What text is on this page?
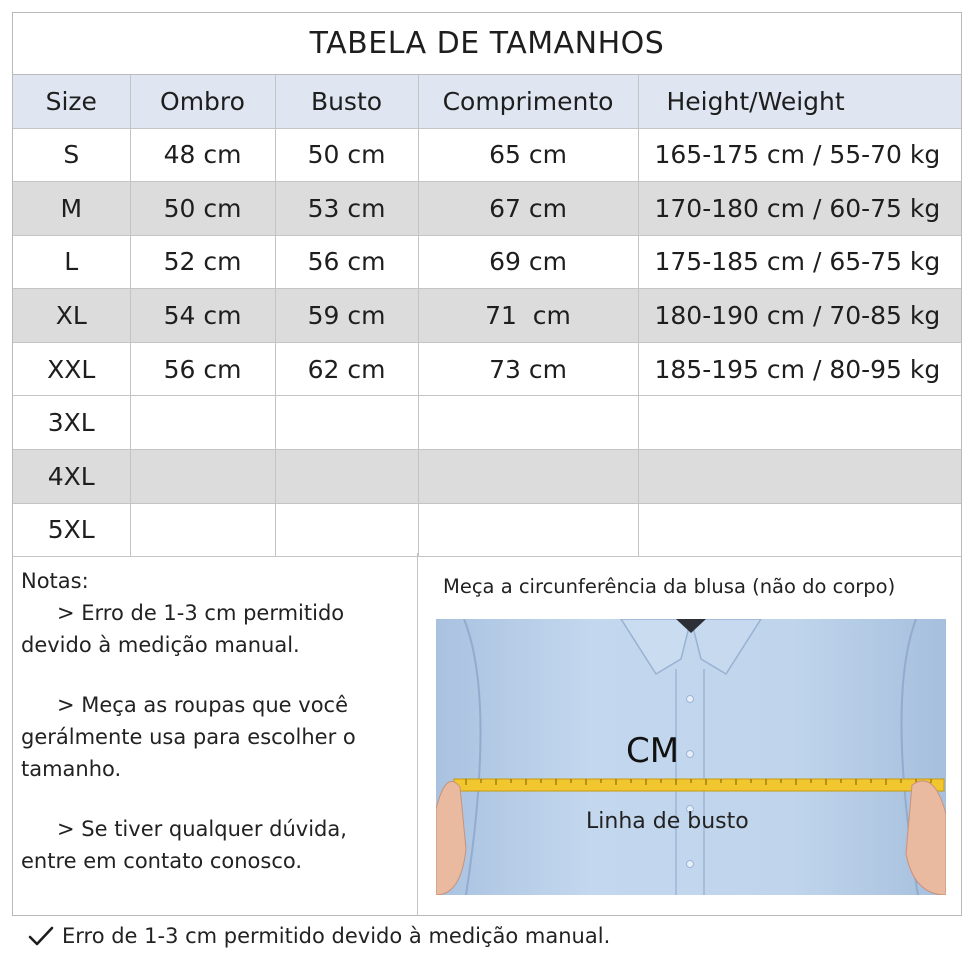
TABELA DE TAMANHOS
Size	Ombro	Busto	Comprimento	Height/Weight
S	48 cm	50 cm	65 cm	165-175 cm / 55-70 kg
M	50 cm	53 cm	67 cm	170-180 cm / 60-75 kg
L	52 cm	56 cm	69 cm	175-185 cm / 65-75 kg
XL	54 cm	59 cm	71  cm	180-190 cm / 70-85 kg
XXL	56 cm	62 cm	73 cm	185-195 cm / 80-95 kg
3XL				
4XL				
5XL				
Notas:

> Erro de 1-3 cm permitido
devido à medição manual.

> Meça as roupas que você
gerálmente usa para escolher o
tamanho.

> Se tiver qualquer dúvida,
entre em contato conosco.

Meça a circunferência da blusa (não do corpo)
CM
Linha de busto
Erro de 1-3 cm permitido devido à medição manual.
